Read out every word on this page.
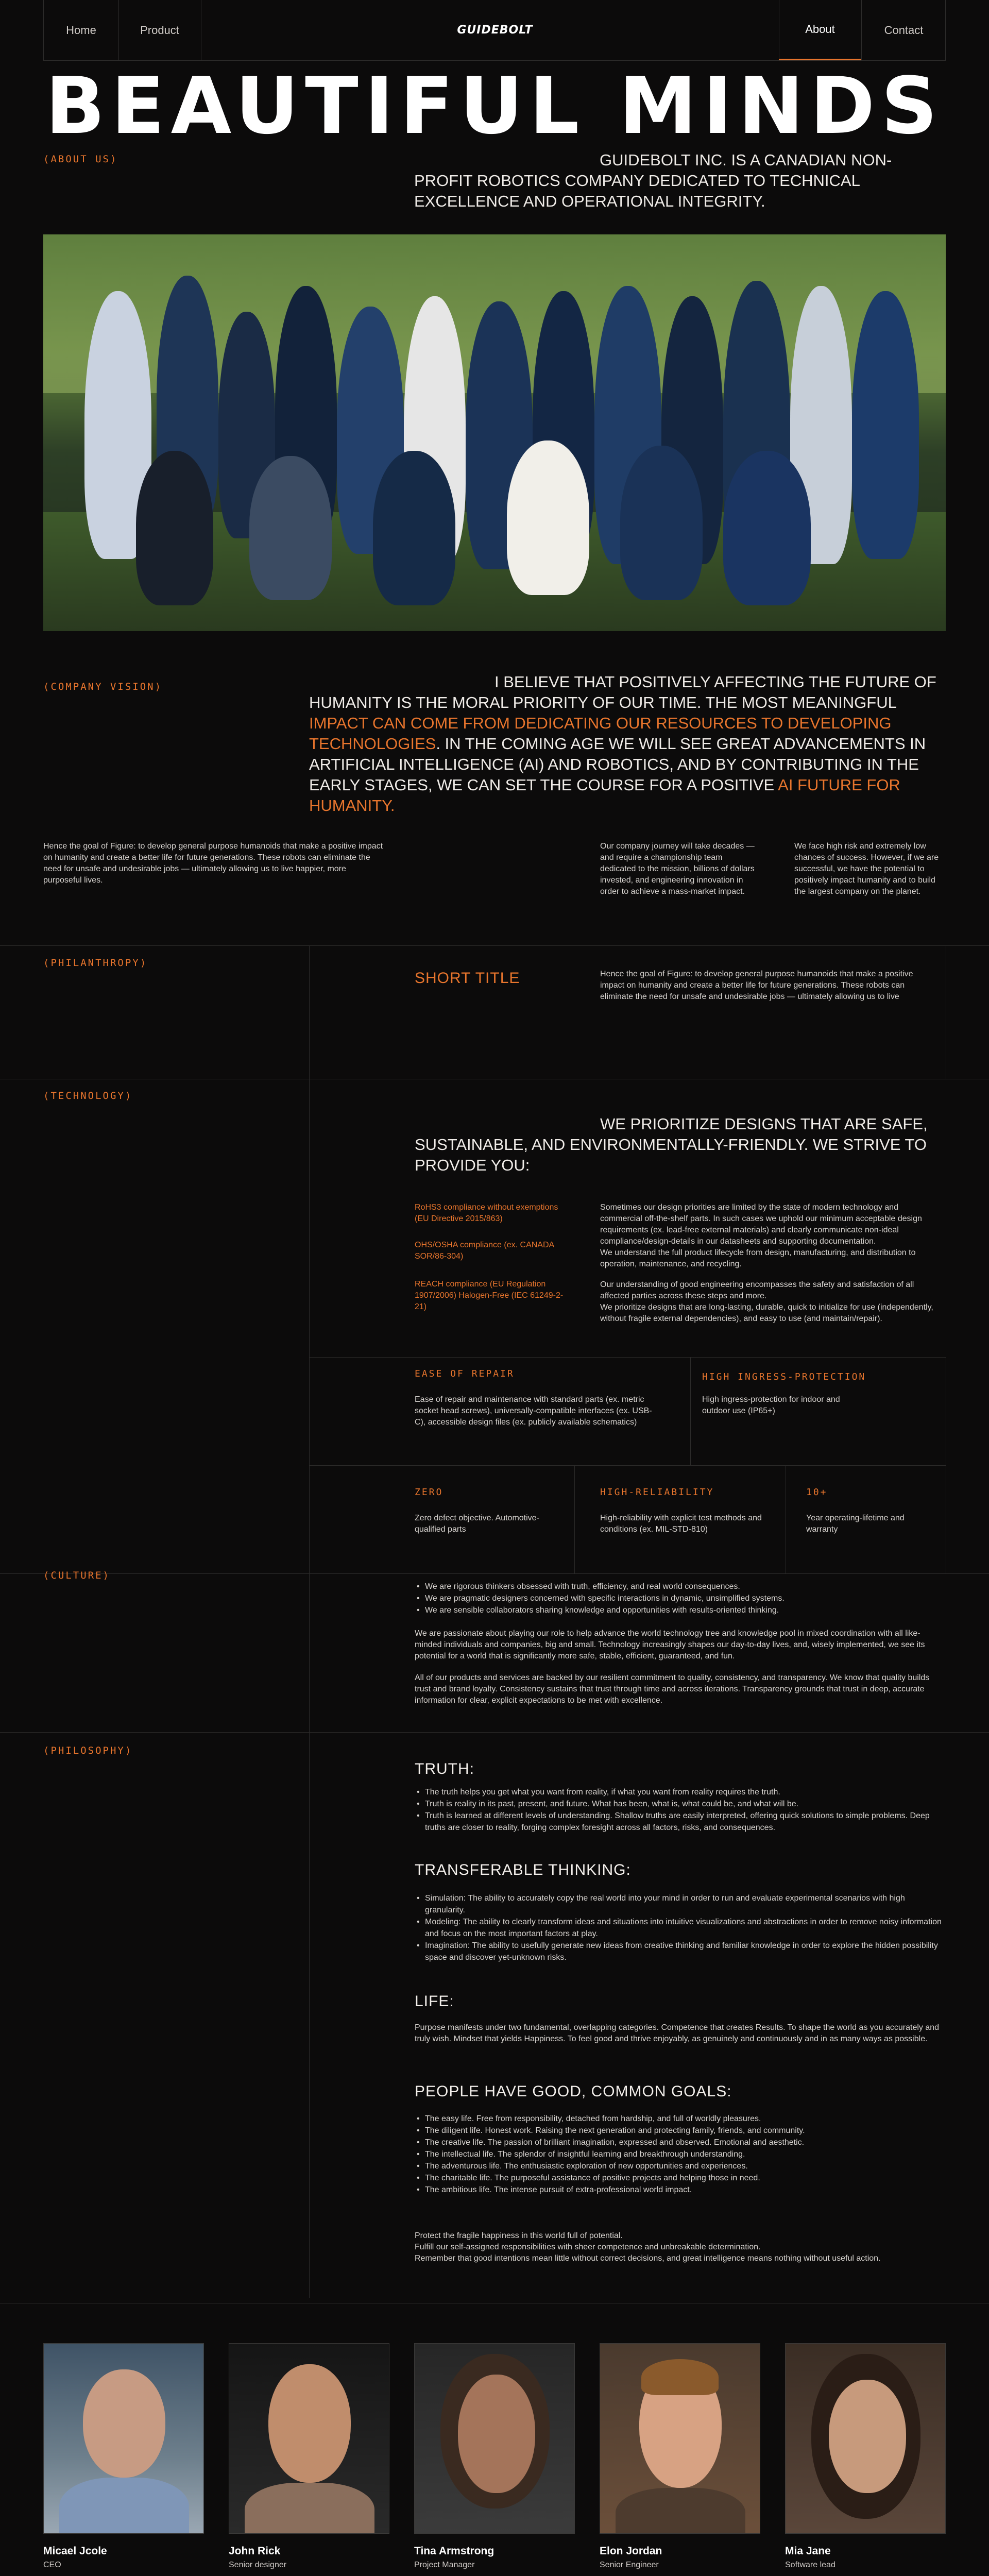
Home	Product	GUIDEBOLT	About	Contact
BEAUTIFUL MINDS
(ABOUT US)	GUIDEBOLT INC. IS A CANADIAN NON-PROFIT ROBOTICS COMPANY DEDICATED TO TECHNICAL EXCELLENCE AND OPERATIONAL INTEGRITY.
(COMPANY VISION)	I BELIEVE THAT POSITIVELY AFFECTING THE FUTURE OF HUMANITY IS THE MORAL PRIORITY OF OUR TIME. THE MOST MEANINGFUL IMPACT CAN COME FROM DEDICATING OUR RESOURCES TO DEVELOPING TECHNOLOGIES. IN THE COMING AGE WE WILL SEE GREAT ADVANCEMENTS IN ARTIFICIAL INTELLIGENCE (AI) AND ROBOTICS, AND BY CONTRIBUTING IN THE EARLY STAGES, WE CAN SET THE COURSE FOR A POSITIVE AI FUTURE FOR HUMANITY.
Hence the goal of Figure: to develop general purpose humanoids that make a positive impact on humanity and create a better life for future generations. These robots can eliminate the need for unsafe and undesirable jobs — ultimately allowing us to live happier, more purposeful lives.
Our company journey will take decades — and require a championship team dedicated to the mission, billions of dollars invested, and engineering innovation in order to achieve a mass-market impact.
We face high risk and extremely low chances of success. However, if we are successful, we have the potential to positively impact humanity and to build the largest company on the planet.
(PHILANTHROPY)
SHORT TITLE	Hence the goal of Figure: to develop general purpose humanoids that make a positive impact on humanity and create a better life for future generations. These robots can eliminate the need for unsafe and undesirable jobs — ultimately allowing us to live
(TECHNOLOGY)
WE PRIORITIZE DESIGNS THAT ARE SAFE, SUSTAINABLE, AND ENVIRONMENTALLY-FRIENDLY. WE STRIVE TO PROVIDE YOU:
RoHS3 compliance without exemptions (EU Directive 2015/863)
OHS/OSHA compliance (ex. CANADA SOR/86-304)
REACH compliance (EU Regulation 1907/2006) Halogen-Free (IEC 61249-2-21)
Sometimes our design priorities are limited by the state of modern technology and commercial off-the-shelf parts. In such cases we uphold our minimum acceptable design requirements (ex. lead-free external materials) and clearly communicate non-ideal compliance/design-details in our datasheets and supporting documentation.
We understand the full product lifecycle from design, manufacturing, and distribution to operation, maintenance, and recycling.
Our understanding of good engineering encompasses the safety and satisfaction of all affected parties across these steps and more.
We prioritize designs that are long-lasting, durable, quick to initialize for use (independently, without fragile external dependencies), and easy to use (and maintain/repair).
EASE OF REPAIR
Ease of repair and maintenance with standard parts (ex. metric socket head screws), universally-compatible interfaces (ex. USB-C), accessible design files (ex. publicly available schematics)
HIGH INGRESS-PROTECTION
High ingress-protection for indoor and outdoor use (IP65+)
ZERO
Zero defect objective. Automotive-qualified parts
HIGH-RELIABILITY
High-reliability with explicit test methods and conditions (ex. MIL-STD-810)
10+
Year operating-lifetime and warranty
(CULTURE)
• We are rigorous thinkers obsessed with truth, efficiency, and real world consequences.
• We are pragmatic designers concerned with specific interactions in dynamic, unsimplified systems.
• We are sensible collaborators sharing knowledge and opportunities with results-oriented thinking.
We are passionate about playing our role to help advance the world technology tree and knowledge pool in mixed coordination with all like-minded individuals and companies, big and small. Technology increasingly shapes our day-to-day lives, and, wisely implemented, we see its potential for a world that is significantly more safe, stable, efficient, guaranteed, and fun.
All of our products and services are backed by our resilient commitment to quality, consistency, and transparency. We know that quality builds trust and brand loyalty. Consistency sustains that trust through time and across iterations. Transparency grounds that trust in deep, accurate information for clear, explicit expectations to be met with excellence.
(PHILOSOPHY)
TRUTH:
• The truth helps you get what you want from reality, if what you want from reality requires the truth.
• Truth is reality in its past, present, and future. What has been, what is, what could be, and what will be.
• Truth is learned at different levels of understanding. Shallow truths are easily interpreted, offering quick solutions to simple problems. Deep truths are closer to reality, forging complex foresight across all factors, risks, and consequences.
TRANSFERABLE THINKING:
• Simulation: The ability to accurately copy the real world into your mind in order to run and evaluate experimental scenarios with high granularity.
• Modeling: The ability to clearly transform ideas and situations into intuitive visualizations and abstractions in order to remove noisy information and focus on the most important factors at play.
• Imagination: The ability to usefully generate new ideas from creative thinking and familiar knowledge in order to explore the hidden possibility space and discover yet-unknown risks.
LIFE:
Purpose manifests under two fundamental, overlapping categories. Competence that creates Results. To shape the world as you accurately and truly wish. Mindset that yields Happiness. To feel good and thrive enjoyably, as genuinely and continuously and in as many ways as possible.
PEOPLE HAVE GOOD, COMMON GOALS:
• The easy life. Free from responsibility, detached from hardship, and full of worldly pleasures.
• The diligent life. Honest work. Raising the next generation and protecting family, friends, and community.
• The creative life. The passion of brilliant imagination, expressed and observed. Emotional and aesthetic.
• The intellectual life. The splendor of insightful learning and breakthrough understanding.
• The adventurous life. The enthusiastic exploration of new opportunities and experiences.
• The charitable life. The purposeful assistance of positive projects and helping those in need.
• The ambitious life. The intense pursuit of extra-professional world impact.
Protect the fragile happiness in this world full of potential.
Fulfill our self-assigned responsibilities with sheer competence and unbreakable determination.
Remember that good intentions mean little without correct decisions, and great intelligence means nothing without useful action.
Micael Jcole
CEO
John Rick
Senior designer
Tina Armstrong
Project Manager
Elon Jordan
Senior Engineer
Mia Jane
Software lead
